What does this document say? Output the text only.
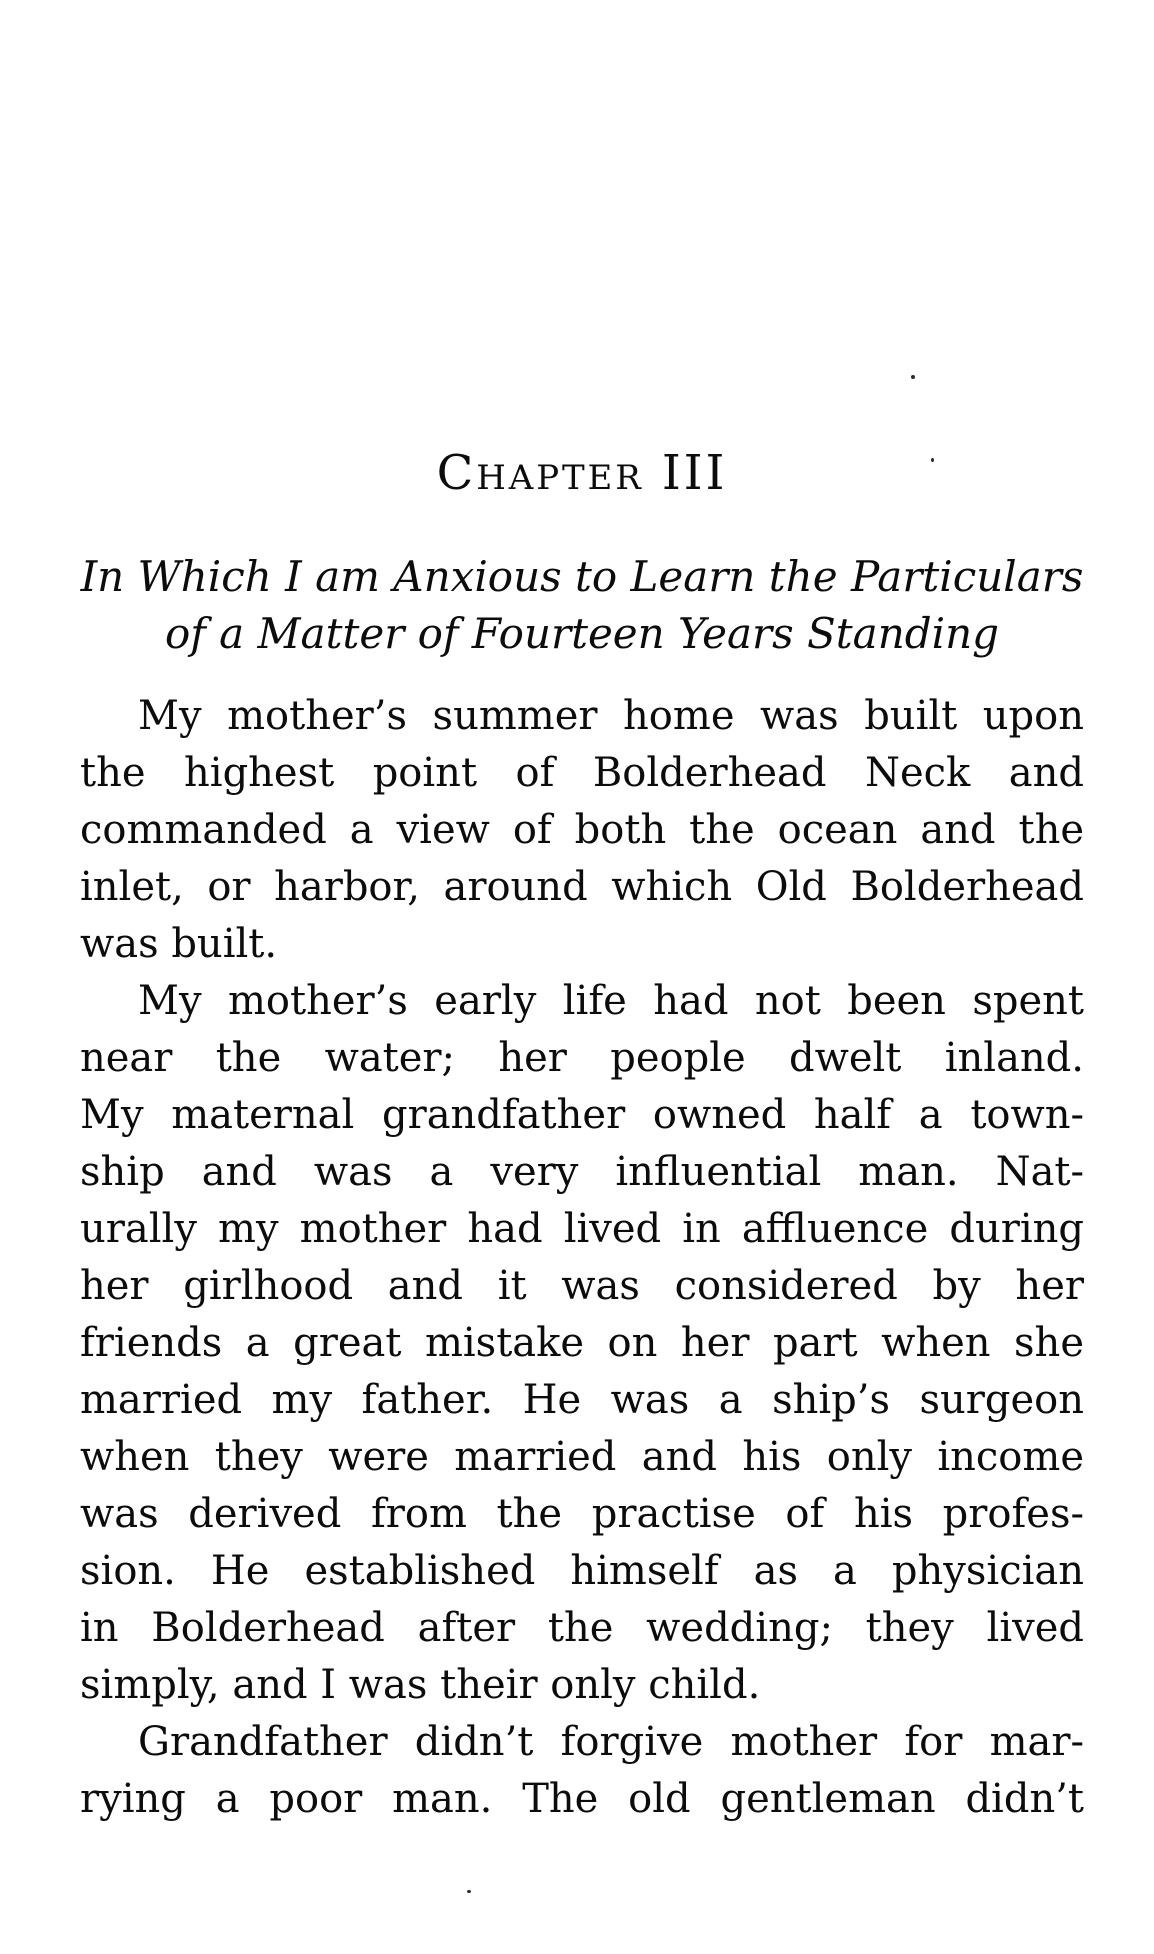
Chapter III
In Which I am Anxious to Learn the Particulars
of a Matter of Fourteen Years Standing
My mother’s summer home was built upon
the highest point of Bolderhead Neck and
commanded a view of both the ocean and the
inlet, or harbor, around which Old Bolderhead
was built.
My mother’s early life had not been spent
near the water; her people dwelt inland.
My maternal grandfather owned half a town-
ship and was a very influential man. Nat-
urally my mother had lived in affluence during
her girlhood and it was considered by her
friends a great mistake on her part when she
married my father. He was a ship’s surgeon
when they were married and his only income
was derived from the practise of his profes-
sion. He established himself as a physician
in Bolderhead after the wedding; they lived
simply, and I was their only child.
Grandfather didn’t forgive mother for mar-
rying a poor man. The old gentleman didn’t
